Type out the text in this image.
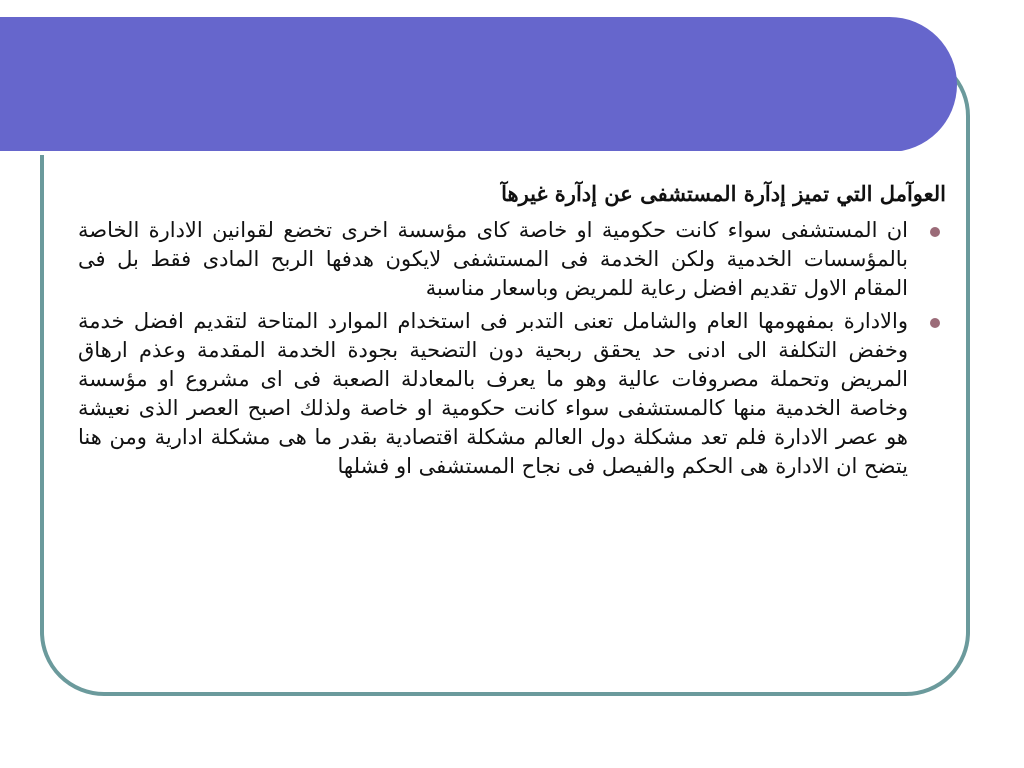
العوآمل التي تميز إدآرة المستشفى عن إدآرة غيرهآ
ان المستشفى سواء كانت حكومية او خاصة كاى مؤسسة اخرى تخضع لقوانين الادارة الخاصة بالمؤسسات الخدمية ولكن الخدمة فى المستشفى لايكون هدفها الربح المادى فقط بل فى المقام الاول تقديم افضل رعاية للمريض وباسعار مناسبة
والادارة بمفهومها العام والشامل تعنى التدبر فى استخدام الموارد المتاحة لتقديم افضل خدمة وخفض التكلفة الى ادنى حد يحقق ربحية دون التضحية بجودة الخدمة المقدمة وعذم ارهاق المريض وتحملة مصروفات عالية وهو ما يعرف بالمعادلة الصعبة فى اى مشروع او مؤسسة وخاصة الخدمية منها كالمستشفى سواء كانت حكومية او خاصة ولذلك اصبح العصر الذى نعيشة هو عصر الادارة فلم تعد مشكلة دول العالم مشكلة اقتصادية بقدر ما هى مشكلة ادارية ومن هنا يتضح ان الادارة هى الحكم والفيصل فى نجاح المستشفى او فشلها
